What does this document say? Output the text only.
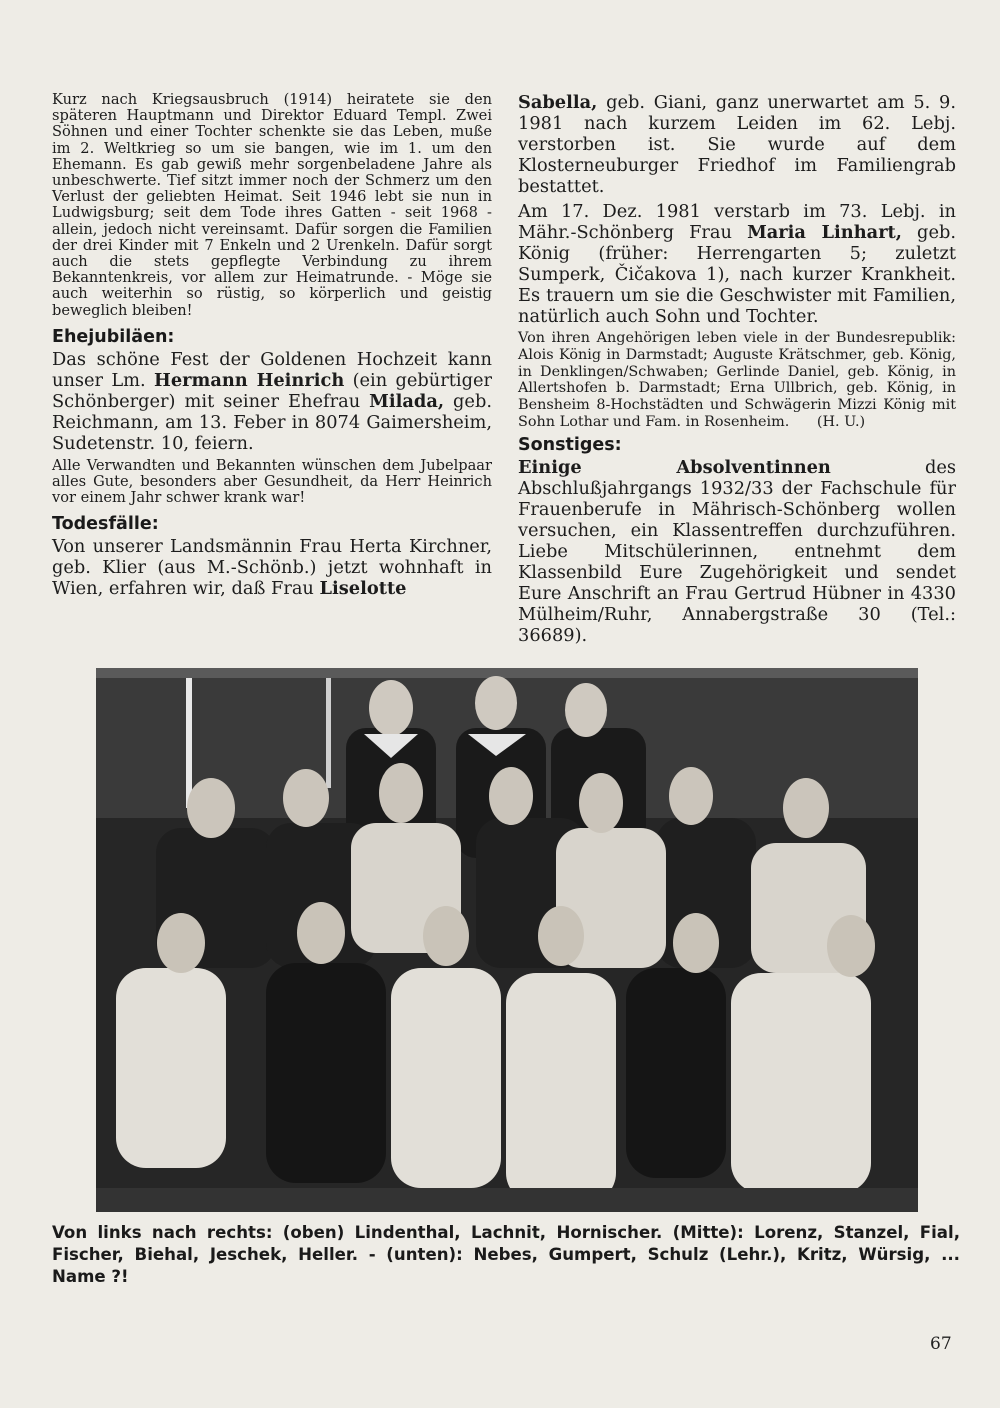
Kurz nach Kriegsausbruch (1914) heiratete sie den späteren Hauptmann und Direktor Eduard Templ. Zwei Söhnen und einer Tochter schenkte sie das Leben, mußе im 2. Weltkrieg so um sie bangen, wie im 1. um den Ehemann. Es gab gewiß mehr sorgenbeladene Jahre als unbeschwerte. Tief sitzt immer noch der Schmerz um den Verlust der geliebten Heimat. Seit 1946 lebt sie nun in Ludwigsburg; seit dem Tode ihres Gatten - seit 1968 - allein, jedoch nicht vereinsamt. Dafür sorgen die Familien der drei Kinder mit 7 Enkeln und 2 Urenkeln. Dafür sorgt auch die stets gepflegte Verbindung zu ihrem Bekanntenkreis, vor allem zur Heimatrunde. - Möge sie auch weiterhin so rüstig, so körperlich und geistig beweglich bleiben!

Ehejubiläen:

Das schöne Fest der Goldenen Hochzeit kann unser Lm. Hermann Heinrich (ein gebürtiger Schönberger) mit seiner Ehefrau Milada, geb. Reichmann, am 13. Feber in 8074 Gaimersheim, Sudetenstr. 10, feiern.

Alle Verwandten und Bekannten wünschen dem Jubelpaar alles Gute, besonders aber Gesundheit, da Herr Heinrich vor einem Jahr schwer krank war!

Todesfälle:

Von unserer Landsmännin Frau Herta Kirchner, geb. Klier (aus M.-Schönb.) jetzt wohnhaft in Wien, erfahren wir, daß Frau Liselotte

Sabella, geb. Giani, ganz unerwartet am 5. 9. 1981 nach kurzem Leiden im 62. Lebj. verstorben ist. Sie wurde auf dem Klosterneuburger Friedhof im Familiengrab bestattet.

Am 17. Dez. 1981 verstarb im 73. Lebj. in Mähr.-Schönberg Frau Maria Linhart, geb. König (früher: Herrengarten 5; zuletzt Sumperk, Čičakova 1), nach kurzer Krankheit. Es trauern um sie die Geschwister mit Familien, natürlich auch Sohn und Tochter.

Von ihren Angehörigen leben viele in der Bundesrepublik: Alois König in Darmstadt; Auguste Krätschmer, geb. König, in Denklingen/Schwaben; Gerlinde Daniel, geb. König, in Allertshofen b. Darmstadt; Erna Ullbrich, geb. König, in Bensheim 8-Hochstädten und Schwägerin Mizzi König mit Sohn Lothar und Fam. in Rosenheim. (H. U.)

Sonstiges:

Einige Absolventinnen des Abschlußjahrgangs 1932/33 der Fachschule für Frauenberufe in Mährisch-Schönberg wollen versuchen, ein Klassentreffen durchzuführen. Liebe Mitschülerinnen, entnehmt dem Klassenbild Eure Zugehörigkeit und sendet Eure Anschrift an Frau Gertrud Hübner in 4330 Mülheim/Ruhr, Annabergstraße 30 (Tel.: 36689).

Von links nach rechts: (oben) Lindenthal, Lachnit, Hornischer. (Mitte): Lorenz, Stanzel, Fial, Fischer, Biehal, Jeschek, Heller. - (unten): Nebes, Gumpert, Schulz (Lehr.), Kritz, Würsig, ... Name ?!
67
